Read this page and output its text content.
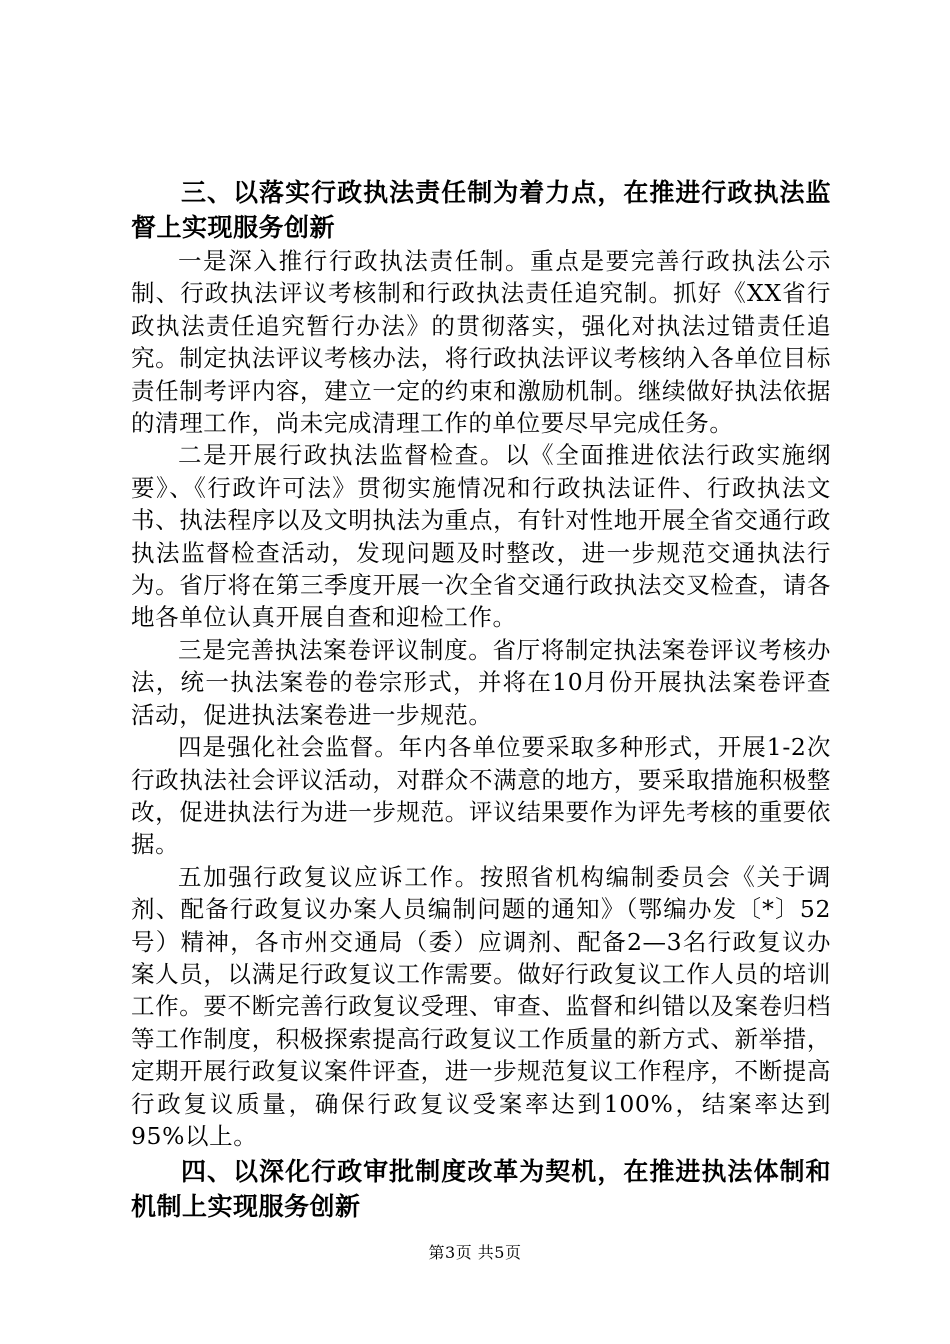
三、以落实行政执法责任制为着力点，在推进行政执法监督上实现服务创新

一是深入推行行政执法责任制。重点是要完善行政执法公示制、行政执法评议考核制和行政执法责任追究制。抓好《XX省行政执法责任追究暂行办法》的贯彻落实，强化对执法过错责任追究。制定执法评议考核办法，将行政执法评议考核纳入各单位目标责任制考评内容，建立一定的约束和激励机制。继续做好执法依据的清理工作，尚未完成清理工作的单位要尽早完成任务。

二是开展行政执法监督检查。以《全面推进依法行政实施纲要》、《行政许可法》贯彻实施情况和行政执法证件、行政执法文书、执法程序以及文明执法为重点，有针对性地开展全省交通行政执法监督检查活动，发现问题及时整改，进一步规范交通执法行为。省厅将在第三季度开展一次全省交通行政执法交叉检查，请各地各单位认真开展自查和迎检工作。

三是完善执法案卷评议制度。省厅将制定执法案卷评议考核办法，统一执法案卷的卷宗形式，并将在10月份开展执法案卷评查活动，促进执法案卷进一步规范。

四是强化社会监督。年内各单位要采取多种形式，开展1-2次行政执法社会评议活动，对群众不满意的地方，要采取措施积极整改，促进执法行为进一步规范。评议结果要作为评先考核的重要依据。

五加强行政复议应诉工作。按照省机构编制委员会《关于调剂、配备行政复议办案人员编制问题的通知》（鄂编办发〔*〕52号）精神，各市州交通局（委）应调剂、配备2—3名行政复议办案人员，以满足行政复议工作需要。做好行政复议工作人员的培训工作。要不断完善行政复议受理、审查、监督和纠错以及案卷归档等工作制度，积极探索提高行政复议工作质量的新方式、新举措，定期开展行政复议案件评查，进一步规范复议工作程序，不断提高行政复议质量，确保行政复议受案率达到100%，结案率达到95%以上。

四、以深化行政审批制度改革为契机，在推进执法体制和机制上实现服务创新

第3页 共5页
